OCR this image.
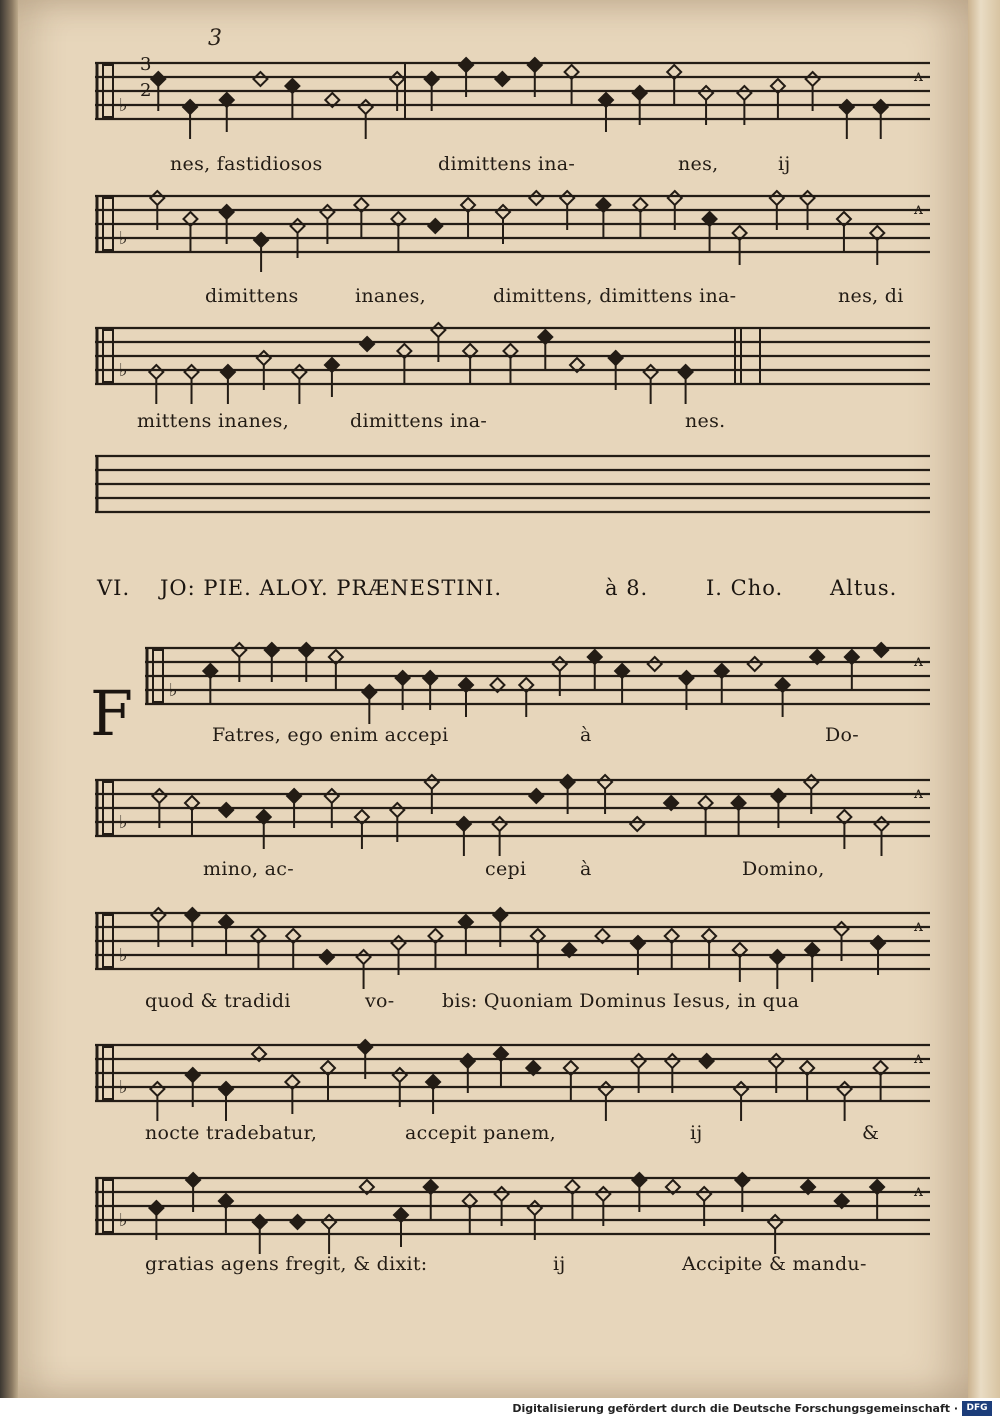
3
♭
ʌ
♭
ʌ
♭
♭
ʌ
♭
ʌ
♭
ʌ
♭
ʌ
♭
ʌ
3
2
nes, fastidiosos	dimittens ina-	nes,	ij
dimittens	inanes,	dimittens, dimittens ina-	nes, di
mittens inanes,	dimittens ina-	nes.
VI. JO: PIE. ALOY. PRÆNESTINI.	à 8.	I. Cho. Altus.
F	Fatres, ego enim accepi	à	Do-
mino, ac-	cepi	à	Domino,
quod & tradidi	vo-	bis: Quoniam Dominus Iesus, in qua
nocte tradebatur,	accepit panem,	ij	&
gratias agens fregit, & dixit:	ij	Accipite & mandu-
Digitalisierung gefördert durch die Deutsche Forschungsgemeinschaft · DFG
